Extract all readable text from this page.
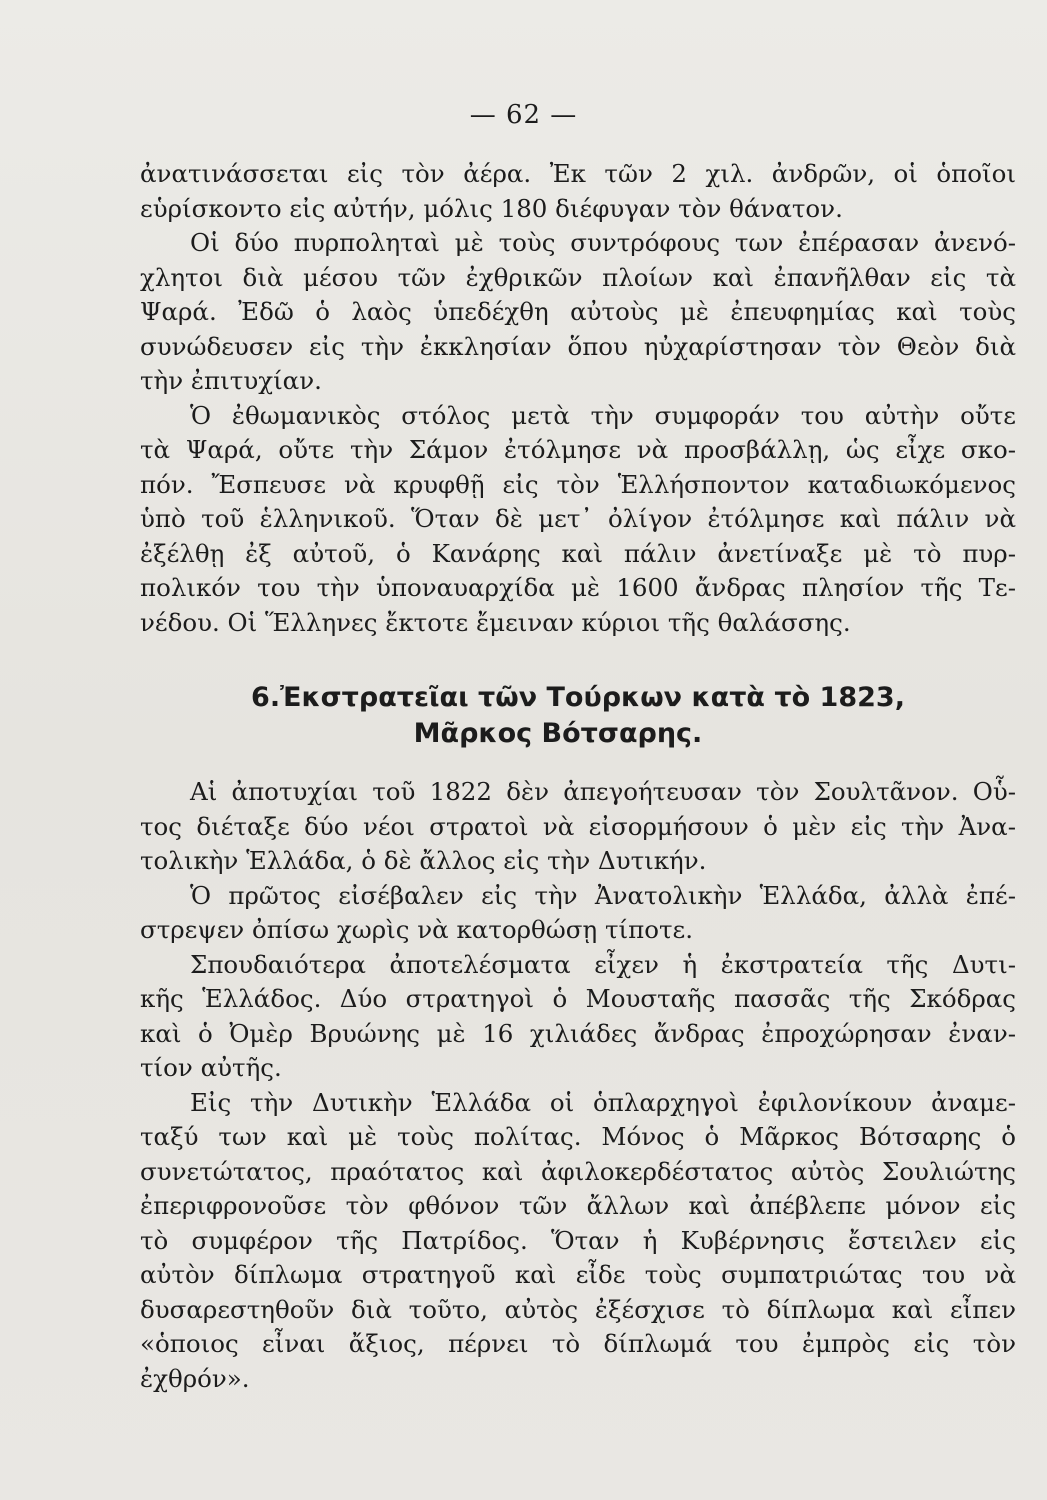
— 62 —
ἀνατινάσσεται εἰς τὸν ἀέρα. Ἐκ τῶν 2 χιλ. ἀνδρῶν, οἱ ὁποῖοι
εὑρίσκοντο εἰς αὐτήν, μόλις 180 διέφυγαν τὸν θάνατον.
Οἱ δύο πυρποληταὶ μὲ τοὺς συντρόφους των ἐπέρασαν ἀνενό-
χλητοι διὰ μέσου τῶν ἐχθρικῶν πλοίων καὶ ἐπανῆλθαν εἰς τὰ
Ψαρά. Ἐδῶ ὁ λαὸς ὑπεδέχθη αὐτοὺς μὲ ἐπευφημίας καὶ τοὺς
συνώδευσεν εἰς τὴν ἐκκλησίαν ὅπου ηὐχαρίστησαν τὸν Θεὸν διὰ
τὴν ἐπιτυχίαν.
Ὁ ἐθωμανικὸς στόλος μετὰ τὴν συμφοράν του αὐτὴν οὔτε
τὰ Ψαρά, οὔτε τὴν Σάμον ἐτόλμησε νὰ προσβάλλῃ, ὡς εἶχε σκο-
πόν. Ἔσπευσε νὰ κρυφθῇ εἰς τὸν Ἑλλήσποντον καταδιωκόμενος
ὑπὸ τοῦ ἑλληνικοῦ. Ὅταν δὲ μετ᾽ ὀλίγον ἐτόλμησε καὶ πάλιν νὰ
ἐξέλθῃ ἐξ αὐτοῦ, ὁ Κανάρης καὶ πάλιν ἀνετίναξε μὲ τὸ πυρ-
πολικόν του τὴν ὑποναυαρχίδα μὲ 1600 ἄνδρας πλησίον τῆς Τε-
νέδου. Οἱ Ἕλληνες ἔκτοτε ἔμειναν κύριοι τῆς θαλάσσης.
6.Ἐκστρατεῖαι τῶν Τούρκων κατὰ τὸ 1823,
Μᾶρκος Βότσαρης.
Αἱ ἀποτυχίαι τοῦ 1822 δὲν ἀπεγοήτευσαν τὸν Σουλτᾶνον. Οὗ-
τος διέταξε δύο νέοι στρατοὶ νὰ εἰσορμήσουν ὁ μὲν εἰς τὴν Ἀνα-
τολικὴν Ἑλλάδα, ὁ δὲ ἄλλος εἰς τὴν Δυτικήν.
Ὁ πρῶτος εἰσέβαλεν εἰς τὴν Ἀνατολικὴν Ἑλλάδα, ἀλλὰ ἐπέ-
στρεψεν ὀπίσω χωρὶς νὰ κατορθώσῃ τίποτε.
Σπουδαιότερα ἀποτελέσματα εἶχεν ἡ ἐκστρατεία τῆς Δυτι-
κῆς Ἑλλάδος. Δύο στρατηγοὶ ὁ Μουσταῆς πασσᾶς τῆς Σκόδρας
καὶ ὁ Ὀμὲρ Βρυώνης μὲ 16 χιλιάδες ἄνδρας ἐπροχώρησαν ἐναν-
τίον αὐτῆς.
Εἰς τὴν Δυτικὴν Ἑλλάδα οἱ ὁπλαρχηγοὶ ἐφιλονίκουν ἀναμε-
ταξύ των καὶ μὲ τοὺς πολίτας. Μόνος ὁ Μᾶρκος Βότσαρης ὁ
συνετώτατος, πραότατος καὶ ἀφιλοκερδέστατος αὐτὸς Σουλιώτης
ἐπεριφρονοῦσε τὸν φθόνον τῶν ἄλλων καὶ ἀπέβλεπε μόνον εἰς
τὸ συμφέρον τῆς Πατρίδος. Ὅταν ἡ Κυβέρνησις ἔστειλεν εἰς
αὐτὸν δίπλωμα στρατηγοῦ καὶ εἶδε τοὺς συμπατριώτας του νὰ
δυσαρεστηθοῦν διὰ τοῦτο, αὐτὸς ἐξέσχισε τὸ δίπλωμα καὶ εἶπεν
«ὁποιος εἶναι ἄξιος, πέρνει τὸ δίπλωμά του ἐμπρὸς εἰς τὸν
ἐχθρόν».
